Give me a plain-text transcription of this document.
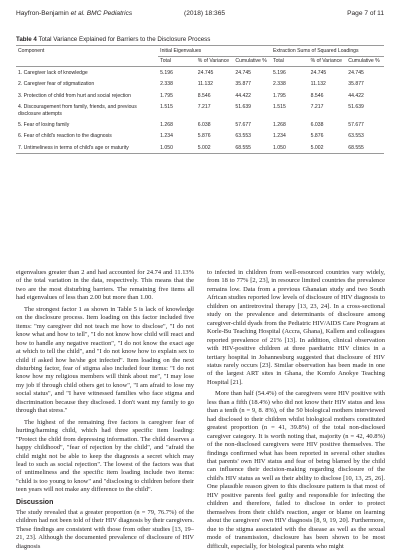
Hayfron-Benjamin et al. BMC Pediatrics	(2018) 18:365	Page 7 of 11
Table 4 Total Variance Explained for Barriers to the Disclosure Process
Component	Initial Eigenvalues			Extraction Sums of Squared Loadings		
	Total	% of Variance	Cumulative %	Total	% of Variance	Cumulative %
1. Caregiver lack of knowledge	5.196	24.745	24.745	5.196	24.745	24.745
2. Caregiver fear of stigmatization	2.338	11.132	35.877	2.338	11.132	35.877
3. Protection of child from hurt and social rejection	1.795	8.546	44.422	1.795	8.546	44.422
4. Discouragement from family, friends, and previous disclosure attempts	1.515	7.217	51.639	1.515	7.217	51.639
5. Fear of losing family	1.268	6.038	57.677	1.268	6.038	57.677
6. Fear of child's reaction to the diagnosis	1.234	5.876	63.553	1.234	5.876	63.553
7. Untimeliness in terms of child's age or maturity	1.050	5.002	68.555	1.050	5.002	68.555

eigenvalues greater than 2 and had accounted for 24.74 and 11.13% of the total variation in the data, respectively. This means that the two are the most disturbing barriers. The remaining five items all had eigenvalues of less than 2.00 but more than 1.00.

The strongest factor 1 as shown in Table 5 is lack of knowledge on the disclosure process. Item loading on this factor included five items: "my caregiver did not teach me how to disclose", "I do not know what and how to tell", "I do not know how child will react and how to handle any negative reaction", "I do not know the exact age at which to tell the child", and "I do not know how to explain sex to child if asked how he/she got infected". Item loading on the next disturbing factor, fear of stigma also included four items: "I do not know how my religious members will think about me", "I may lose my job if through child others get to know", "I am afraid to lose my social status", and "I have witnessed families who face stigma and discrimination because they disclosed. I don't want my family to go through that stress."

The highest of the remaining five factors is caregiver fear of hurting/harming child, which had three specific item loading: "Protect the child from depressing information. The child deserves a happy childhood", "fear of rejection by the child", and "afraid the child might not be able to keep the diagnosis a secret which may lead to such as social rejection". The lowest of the factors was that of untimeliness and the specific item loading include two items: "child is too young to know" and "disclosing to children before their teen years will not make any difference to the child".

Discussion

The study revealed that a greater proportion (n = 79, 76.7%) of the children had not been told of their HIV diagnosis by their caregivers. These findings are consistent with those from other studies [13, 19–21, 23]. Although the documented prevalence of disclosure of HIV diagnosis

to infected in children from well-resourced countries vary widely, from 18 to 77% [2, 23], in resource limited countries the prevalence remains low. Data from a previous Ghanaian study and two South African studies reported low levels of disclosure of HIV diagnosis to children on antiretroviral therapy [13, 23, 24]. In a cross-sectional study on the prevalence and determinants of disclosure among caregiver-child dyads from the Pediatric HIV/AIDS Care Program at Korle-Bu Teaching Hospital (Accra, Ghana), Kallem and colleagues reported prevalence of 21% [13]. In addition, clinical observation with HIV-positive children at three paediatric HIV clinics in a tertiary hospital in Johannesburg suggested that disclosure of HIV status rarely occurs [23]. Similar observation has been made in one of the largest ART sites in Ghana, the Komfo Anokye Teaching Hospital [21].

More than half (54.4%) of the caregivers were HIV positive with less than a fifth (18.4%) who did not know their HIV status and less than a tenth (n = 9, 8. 8%), of the 50 biological mothers interviewed had disclosed to their children whilst biological mothers constituted greatest proportion (n = 41, 39.8%) of the total non-disclosed caregiver category. It is worth noting that, majority (n = 42, 40.8%) of the non-disclosed caregivers were HIV positive themselves. The findings confirmed what has been reported in several other studies that parents' own HIV status and fear of being blamed by the child can influence their decision-making regarding disclosure of the child's HIV status as well as their ability to disclose [10, 13, 25, 26]. One plausible reason given to this disclosure pattern is that most of HIV positive parents feel guilty and responsible for infecting the children and therefore, failed to disclose in order to protect themselves from their child's reaction, anger or blame on learning about the caregivers' own HIV diagnosis [8, 9, 19, 20]. Furthermore, due to the stigma associated with the disease as well as the sexual mode of transmission, disclosure has been shown to be most difficult, especially, for biological parents who might
